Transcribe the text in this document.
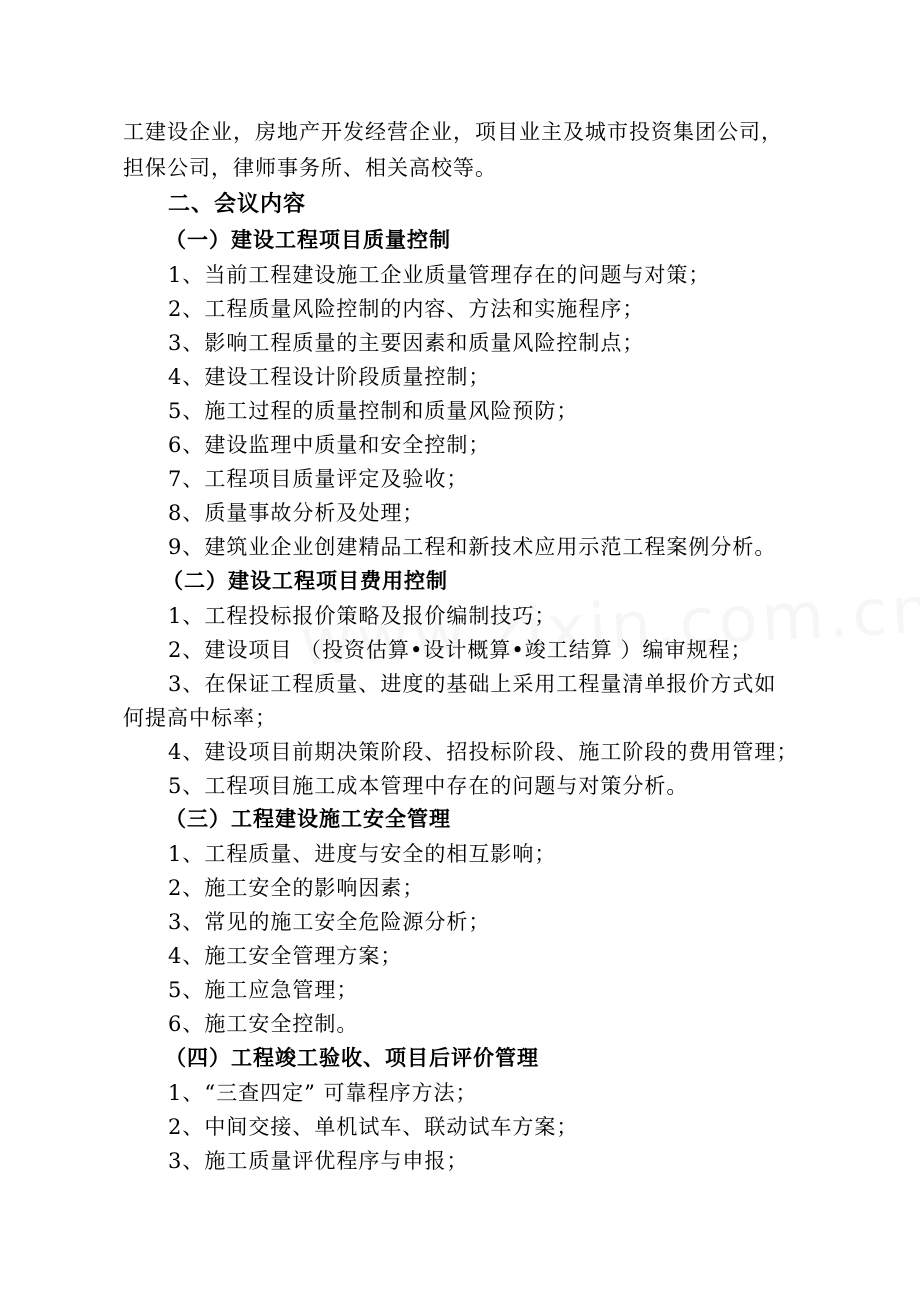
工建设企业，房地产开发经营企业，项目业主及城市投资集团公司，
担保公司，律师事务所、相关高校等。
二、会议内容
（一）建设工程项目质量控制
1、当前工程建设施工企业质量管理存在的问题与对策；
2、工程质量风险控制的内容、方法和实施程序；
3、影响工程质量的主要因素和质量风险控制点；
4、建设工程设计阶段质量控制；
5、施工过程的质量控制和质量风险预防；
6、建设监理中质量和安全控制；
7、工程项目质量评定及验收；
8、质量事故分析及处理；
9、建筑业企业创建精品工程和新技术应用示范工程案例分析。
（二）建设工程项目费用控制
1、工程投标报价策略及报价编制技巧；
2、建设项目 （投资估算•设计概算•竣工结算 ）编审规程；
3、在保证工程质量、进度的基础上采用工程量清单报价方式如
何提高中标率；
4、建设项目前期决策阶段、招投标阶段、施工阶段的费用管理；
5、工程项目施工成本管理中存在的问题与对策分析。
（三）工程建设施工安全管理
1、工程质量、进度与安全的相互影响；
2、施工安全的影响因素；
3、常见的施工安全危险源分析；
4、施工安全管理方案；
5、施工应急管理；
6、施工安全控制。
（四）工程竣工验收、项目后评价管理
1、“三查四定” 可靠程序方法；
2、中间交接、单机试车、联动试车方案；
3、施工质量评优程序与申报；
